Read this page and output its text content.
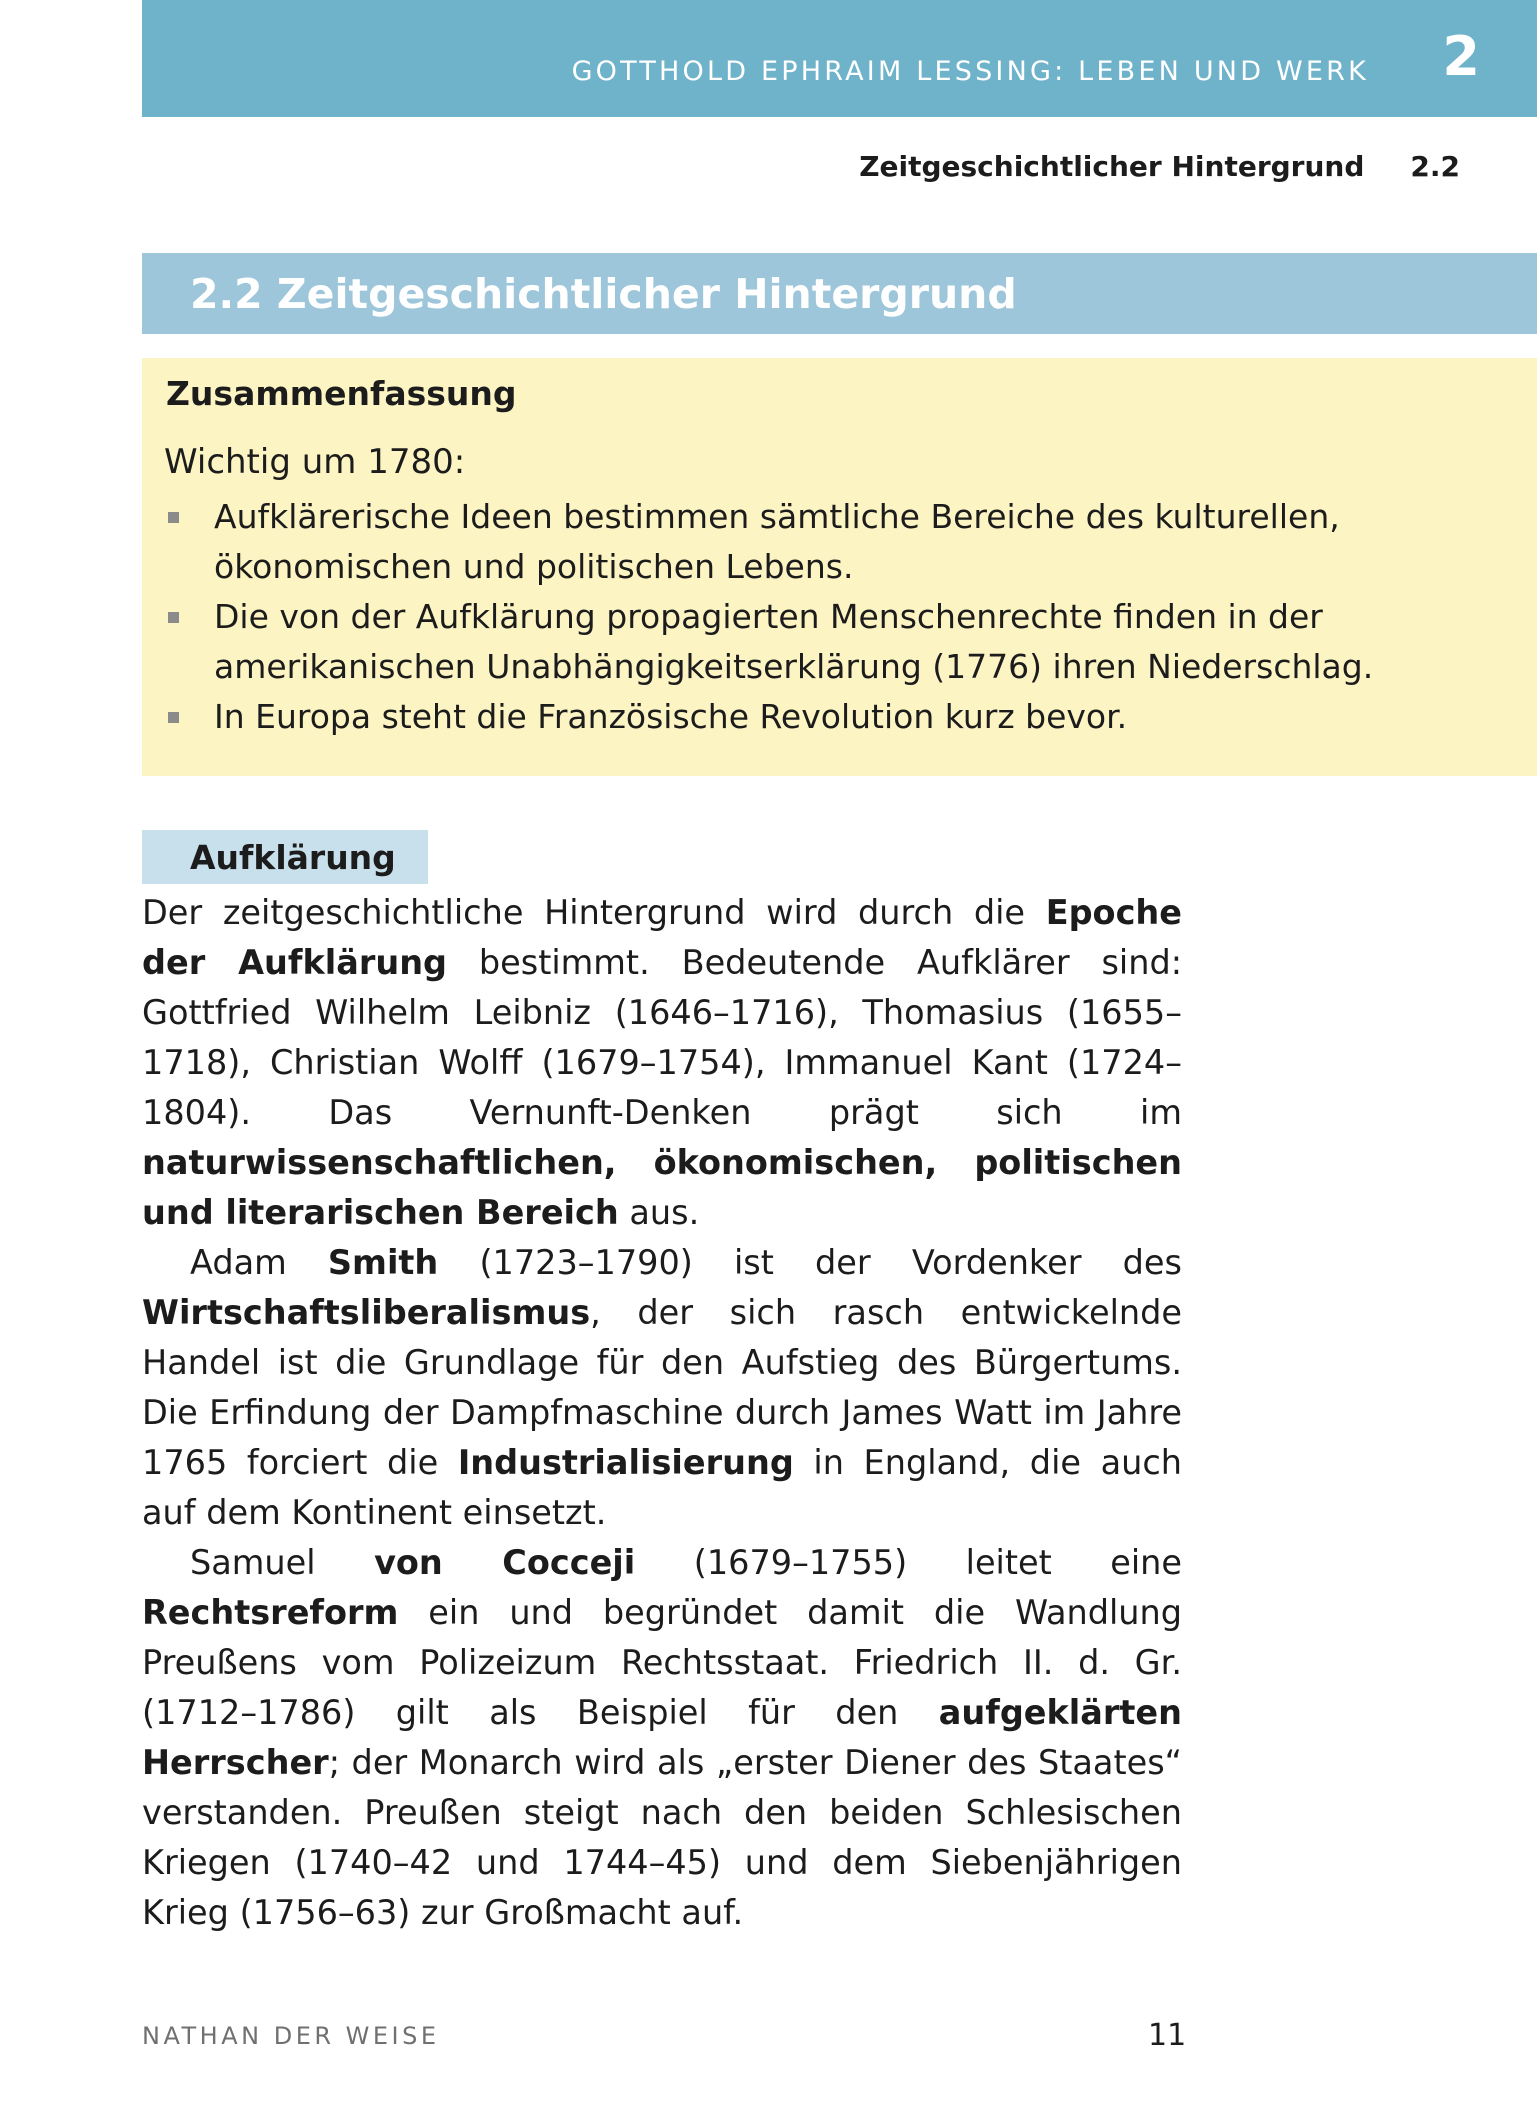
GOTTHOLD EPHRAIM LESSING: LEBEN UND WERK 2
Zeitgeschichtlicher Hintergrund 2.2
2.2 Zeitgeschichtlicher Hintergrund
Zusammenfassung
Wichtig um 1780:
Aufklärerische Ideen bestimmen sämtliche Bereiche des kulturellen, ökonomischen und politischen Lebens.
Die von der Aufklärung propagierten Menschenrechte finden in der amerikanischen Unabhängigkeitserklärung (1776) ihren Niederschlag.
In Europa steht die Französische Revolution kurz bevor.
Aufklärung

Der zeitgeschichtliche Hintergrund wird durch die Epoche der Aufklärung bestimmt. Bedeutende Aufklärer sind: Gottfried Wilhelm Leibniz (1646–1716), Thomasius (1655–1718), Christian Wolff (1679–1754), Immanuel Kant (1724–1804). Das Vernunft-Denken prägt sich im naturwissenschaftlichen, ökonomischen, politischen und literarischen Bereich aus.

Adam Smith (1723–1790) ist der Vordenker des Wirtschaftsliberalismus, der sich rasch entwickelnde Handel ist die Grundlage für den Aufstieg des Bürgertums. Die Erfindung der Dampfmaschine durch James Watt im Jahre 1765 forciert die Industrialisierung in England, die auch auf dem Kontinent einsetzt.

Samuel von Cocceji (1679–1755) leitet eine Rechtsreform ein und begründet damit die Wandlung Preußens vom Polizeizum Rechtsstaat. Friedrich II. d. Gr. (1712–1786) gilt als Beispiel für den aufgeklärten Herrscher; der Monarch wird als „erster Diener des Staates“ verstanden. Preußen steigt nach den beiden Schlesischen Kriegen (1740–42 und 1744–45) und dem Siebenjährigen Krieg (1756–63) zur Großmacht auf.

NATHAN DER WEISE	11
